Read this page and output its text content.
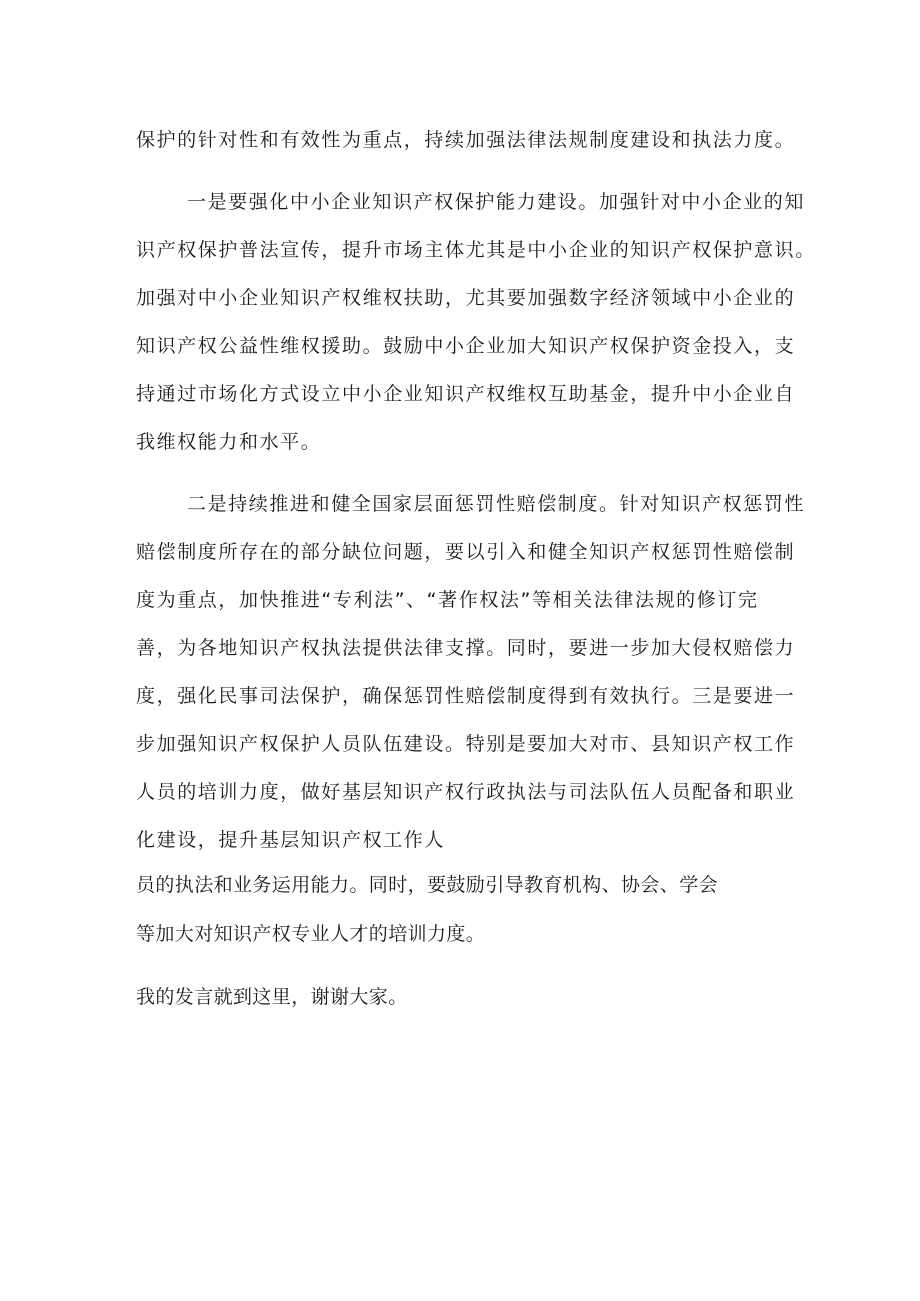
保护的针对性和有效性为重点，持续加强法律法规制度建设和执法力度。

一是要强化中小企业知识产权保护能力建设。加强针对中小企业的知

识产权保护普法宣传，提升市场主体尤其是中小企业的知识产权保护意识。

加强对中小企业知识产权维权扶助，尤其要加强数字经济领域中小企业的

知识产权公益性维权援助。鼓励中小企业加大知识产权保护资金投入，支

持通过市场化方式设立中小企业知识产权维权互助基金，提升中小企业自

我维权能力和水平。

二是持续推进和健全国家层面惩罚性赔偿制度。针对知识产权惩罚性

赔偿制度所存在的部分缺位问题，要以引入和健全知识产权惩罚性赔偿制

度为重点，加快推进“专利法”、“著作权法”等相关法律法规的修订完

善，为各地知识产权执法提供法律支撑。同时，要进一步加大侵权赔偿力

度，强化民事司法保护，确保惩罚性赔偿制度得到有效执行。三是要进一

步加强知识产权保护人员队伍建设。特别是要加大对市、县知识产权工作

人员的培训力度，做好基层知识产权行政执法与司法队伍人员配备和职业

化建设，提升基层知识产权工作人

员的执法和业务运用能力。同时，要鼓励引导教育机构、协会、学会

等加大对知识产权专业人才的培训力度。

我的发言就到这里，谢谢大家。
